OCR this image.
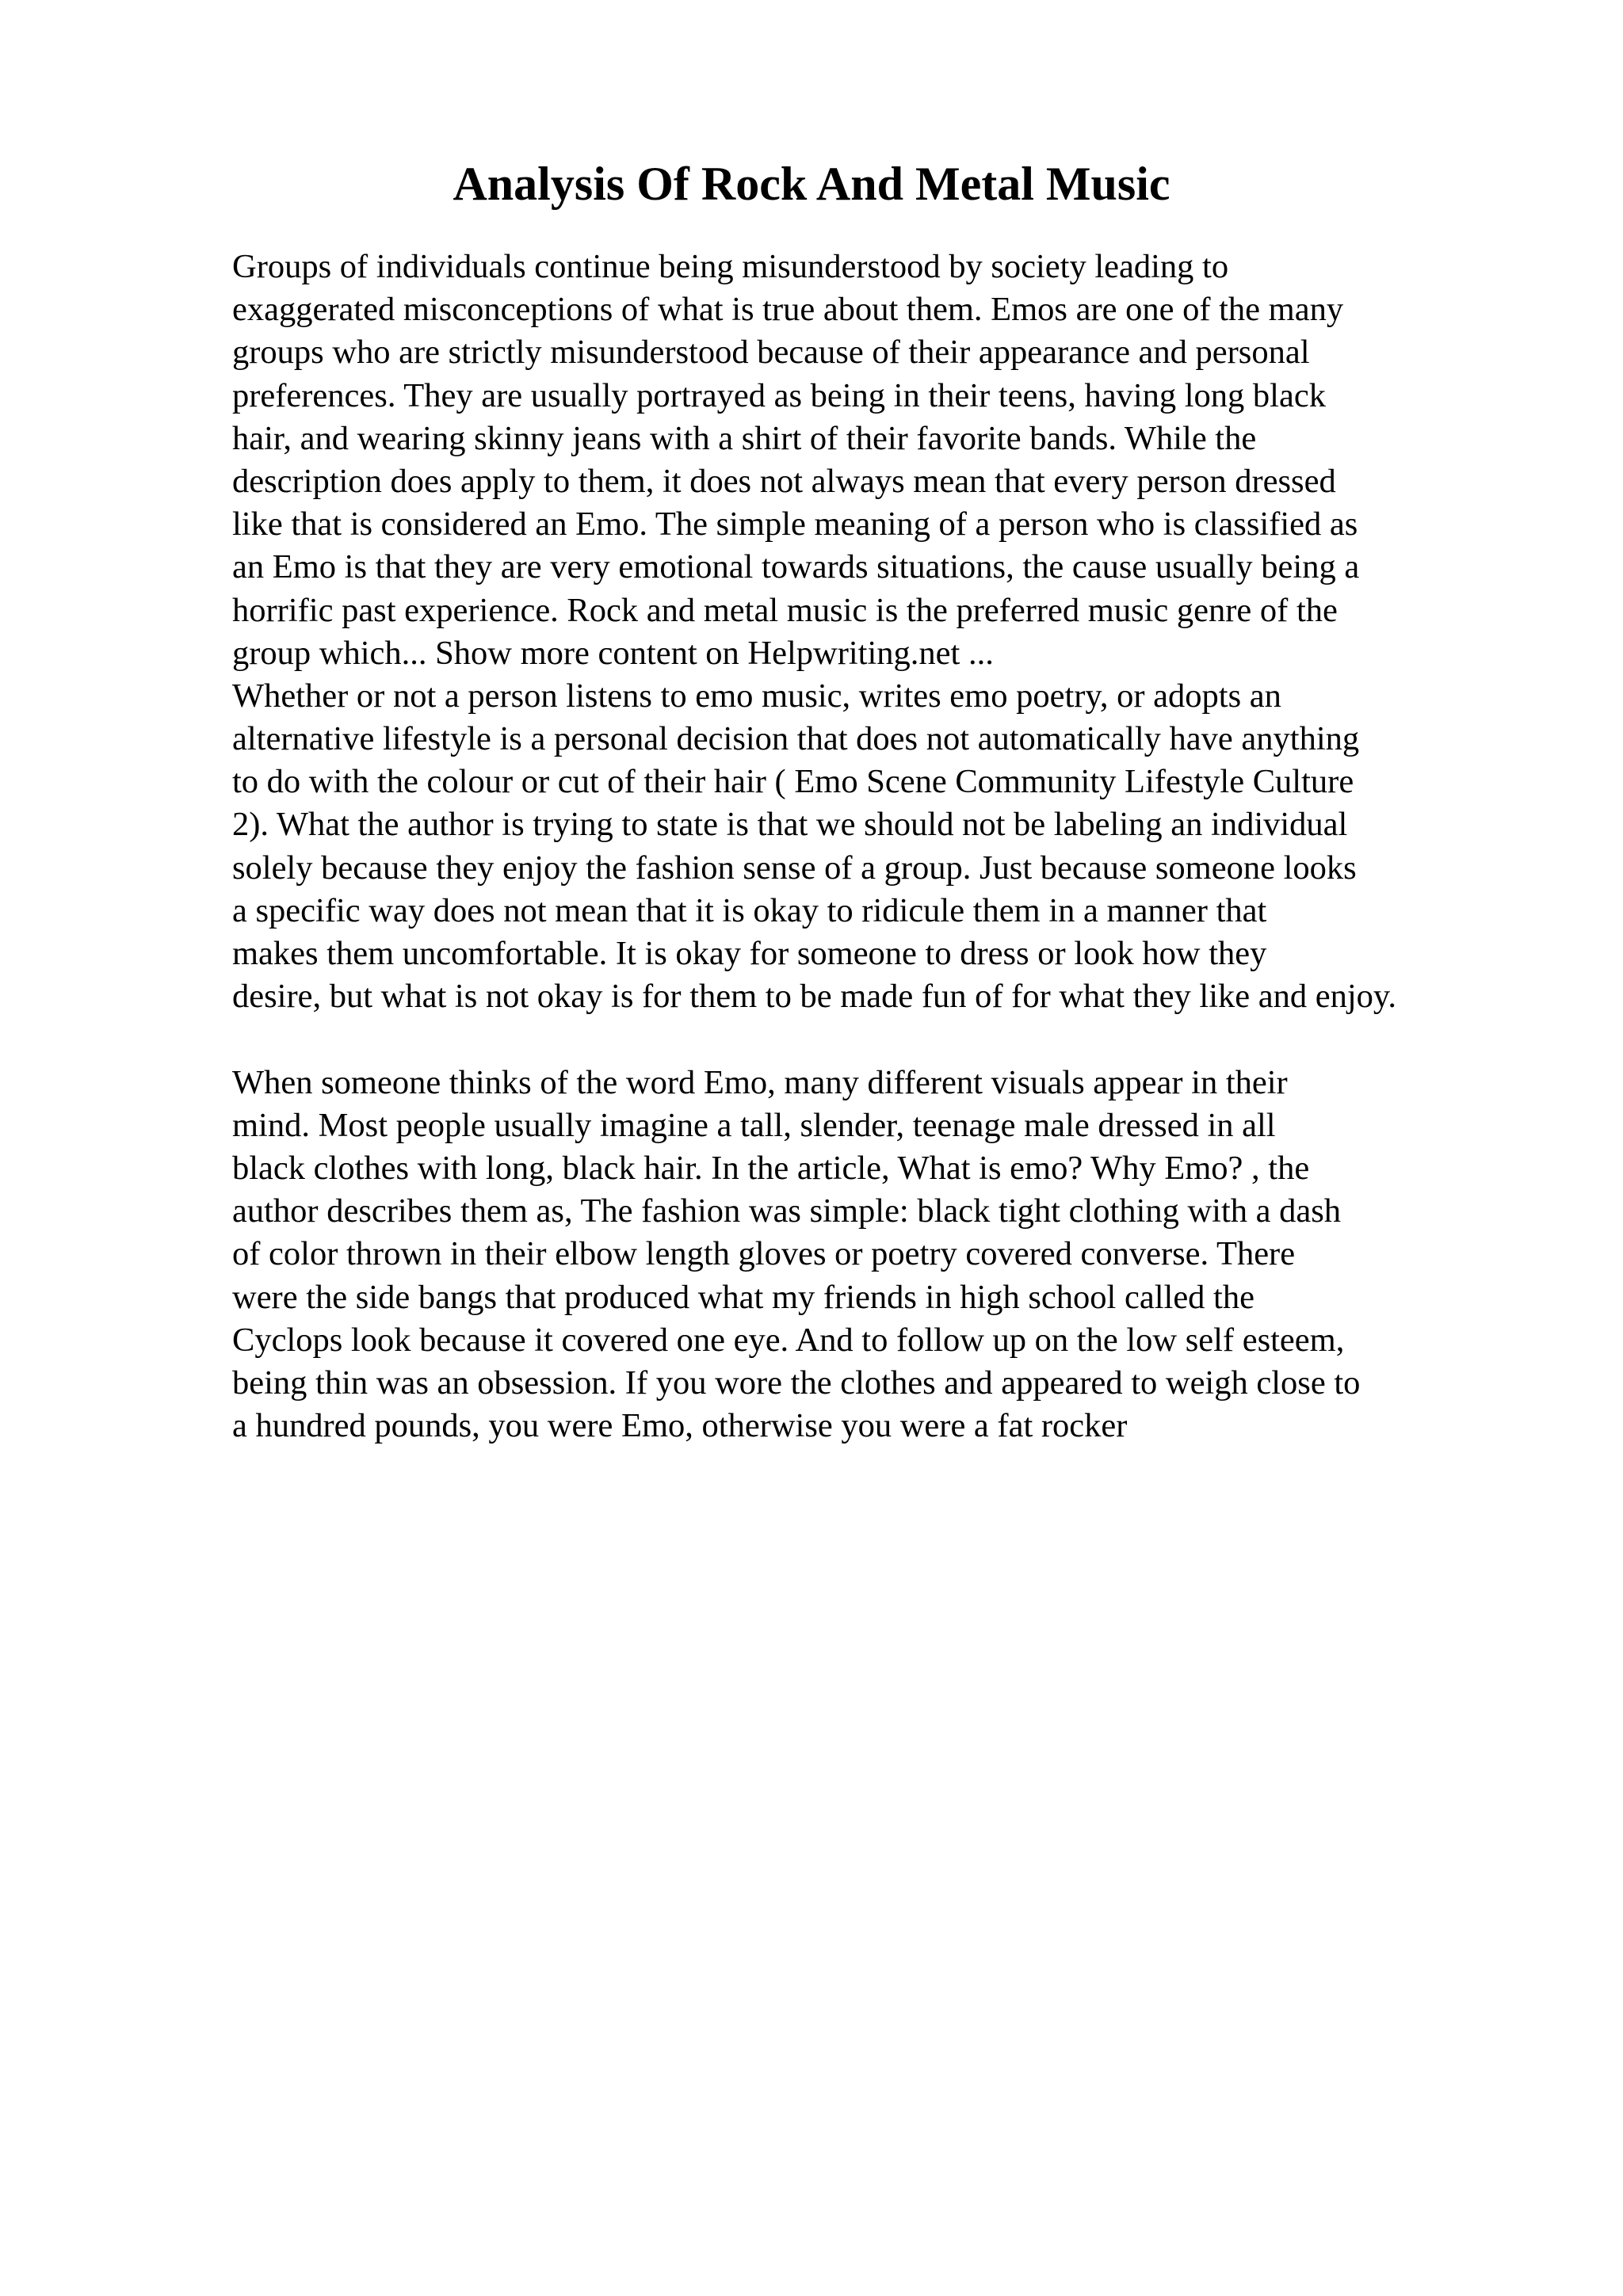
Analysis Of Rock And Metal Music
Groups of individuals continue being misunderstood by society leading to
exaggerated misconceptions of what is true about them. Emos are one of the many
groups who are strictly misunderstood because of their appearance and personal
preferences. They are usually portrayed as being in their teens, having long black
hair, and wearing skinny jeans with a shirt of their favorite bands. While the
description does apply to them, it does not always mean that every person dressed
like that is considered an Emo. The simple meaning of a person who is classified as
an Emo is that they are very emotional towards situations, the cause usually being a
horrific past experience. Rock and metal music is the preferred music genre of the
group which... Show more content on Helpwriting.net ...
Whether or not a person listens to emo music, writes emo poetry, or adopts an
alternative lifestyle is a personal decision that does not automatically have anything
to do with the colour or cut of their hair ( Emo Scene Community Lifestyle Culture
2). What the author is trying to state is that we should not be labeling an individual
solely because they enjoy the fashion sense of a group. Just because someone looks
a specific way does not mean that it is okay to ridicule them in a manner that
makes them uncomfortable. It is okay for someone to dress or look how they
desire, but what is not okay is for them to be made fun of for what they like and enjoy.
When someone thinks of the word Emo, many different visuals appear in their
mind. Most people usually imagine a tall, slender, teenage male dressed in all
black clothes with long, black hair. In the article, What is emo? Why Emo? , the
author describes them as, The fashion was simple: black tight clothing with a dash
of color thrown in their elbow length gloves or poetry covered converse. There
were the side bangs that produced what my friends in high school called the
Cyclops look because it covered one eye. And to follow up on the low self esteem,
being thin was an obsession. If you wore the clothes and appeared to weigh close to
a hundred pounds, you were Emo, otherwise you were a fat rocker
